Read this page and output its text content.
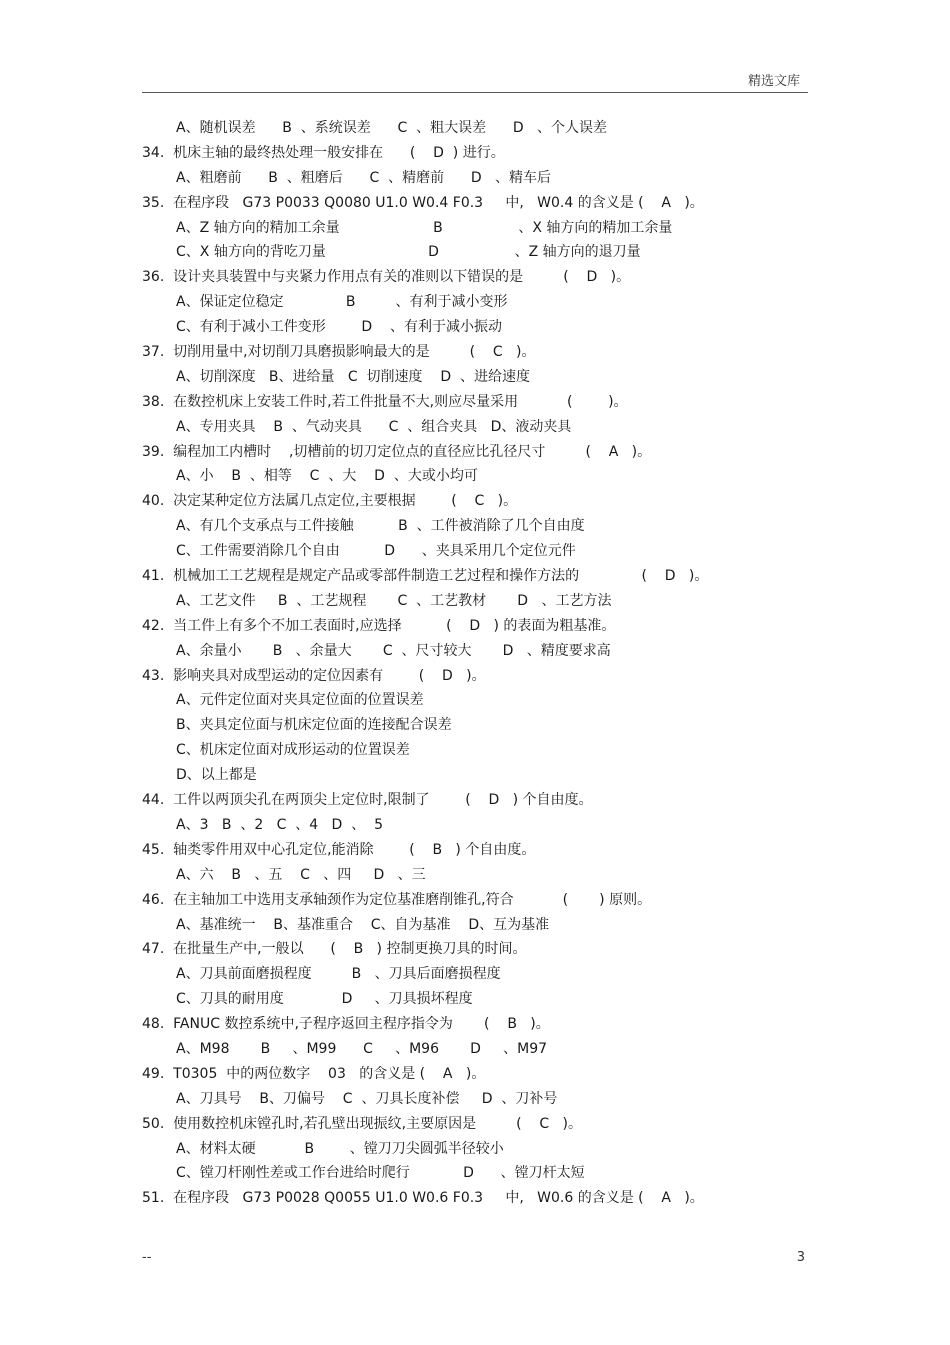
精选文库
A、随机误差      B  、系统误差      C  、粗大误差      D   、个人误差
34.  机床主轴的最终热处理一般安排在      (    D  ) 进行。
A、粗磨前      B  、粗磨后      C  、精磨前      D   、精车后
35.  在程序段   G73 P0033 Q0080 U1.0 W0.4 F0.3     中,   W0.4 的含义是 (    A   )。
A、Z 轴方向的精加工余量                     B                 、X 轴方向的精加工余量
C、X 轴方向的背吃刀量                       D                 、Z 轴方向的退刀量
36.  设计夹具装置中与夹紧力作用点有关的准则以下错误的是         (    D   )。
A、保证定位稳定              B         、有利于减小变形
C、有利于减小工件变形        D    、有利于减小振动
37.  切削用量中,对切削刀具磨损影响最大的是         (    C   )。
A、切削深度   B、进给量   C  切削速度    D  、进给速度
38.  在数控机床上安装工件时,若工件批量不大,则应尽量采用           (        )。
A、专用夹具    B  、气动夹具      C  、组合夹具   D、液动夹具
39.  编程加工内槽时    ,切槽前的切刀定位点的直径应比孔径尺寸         (    A   )。
A、小    B  、相等    C  、大    D  、大或小均可
40.  决定某种定位方法属几点定位,主要根据        (    C   )。
A、有几个支承点与工件接触          B  、工件被消除了几个自由度
C、工件需要消除几个自由          D      、夹具采用几个定位元件
41.  机械加工工艺规程是规定产品或零部件制造工艺过程和操作方法的              (    D   )。
A、工艺文件     B  、工艺规程       C  、工艺教材       D   、工艺方法
42.  当工件上有多个不加工表面时,应选择          (    D   ) 的表面为粗基准。
A、余量小       B   、余量大       C  、尺寸较大       D   、精度要求高
43.  影响夹具对成型运动的定位因素有        (    D   )。
A、元件定位面对夹具定位面的位置误差
B、夹具定位面与机床定位面的连接配合误差
C、机床定位面对成形运动的位置误差
D、以上都是
44.  工件以两顶尖孔在两顶尖上定位时,限制了        (    D   ) 个自由度。
A、3   B  、2   C  、4   D  、  5
45.  轴类零件用双中心孔定位,能消除        (    B   ) 个自由度。
A、六    B   、五    C   、四     D   、三
46.  在主轴加工中选用支承轴颈作为定位基准磨削锥孔,符合           (       ) 原则。
A、基准统一    B、基准重合    C、自为基准    D、互为基准
47.  在批量生产中,一般以      (    B   ) 控制更换刀具的时间。
A、刀具前面磨损程度         B   、刀具后面磨损程度
C、刀具的耐用度             D     、刀具损坏程度
48.  FANUC 数控系统中,子程序返回主程序指令为       (    B   )。
A、M98       B     、M99      C     、M96       D     、M97
49.  T0305  中的两位数字    03   的含义是 (    A   )。
A、刀具号    B、刀偏号    C  、刀具长度补偿     D  、刀补号
50.  使用数控机床镗孔时,若孔壁出现振纹,主要原因是         (    C   )。
A、材料太硬           B        、镗刀刀尖圆弧半径较小
C、镗刀杆刚性差或工作台进给时爬行            D      、镗刀杆太短
51.  在程序段   G73 P0028 Q0055 U1.0 W0.6 F0.3     中,   W0.6 的含义是 (    A   )。
--	3
